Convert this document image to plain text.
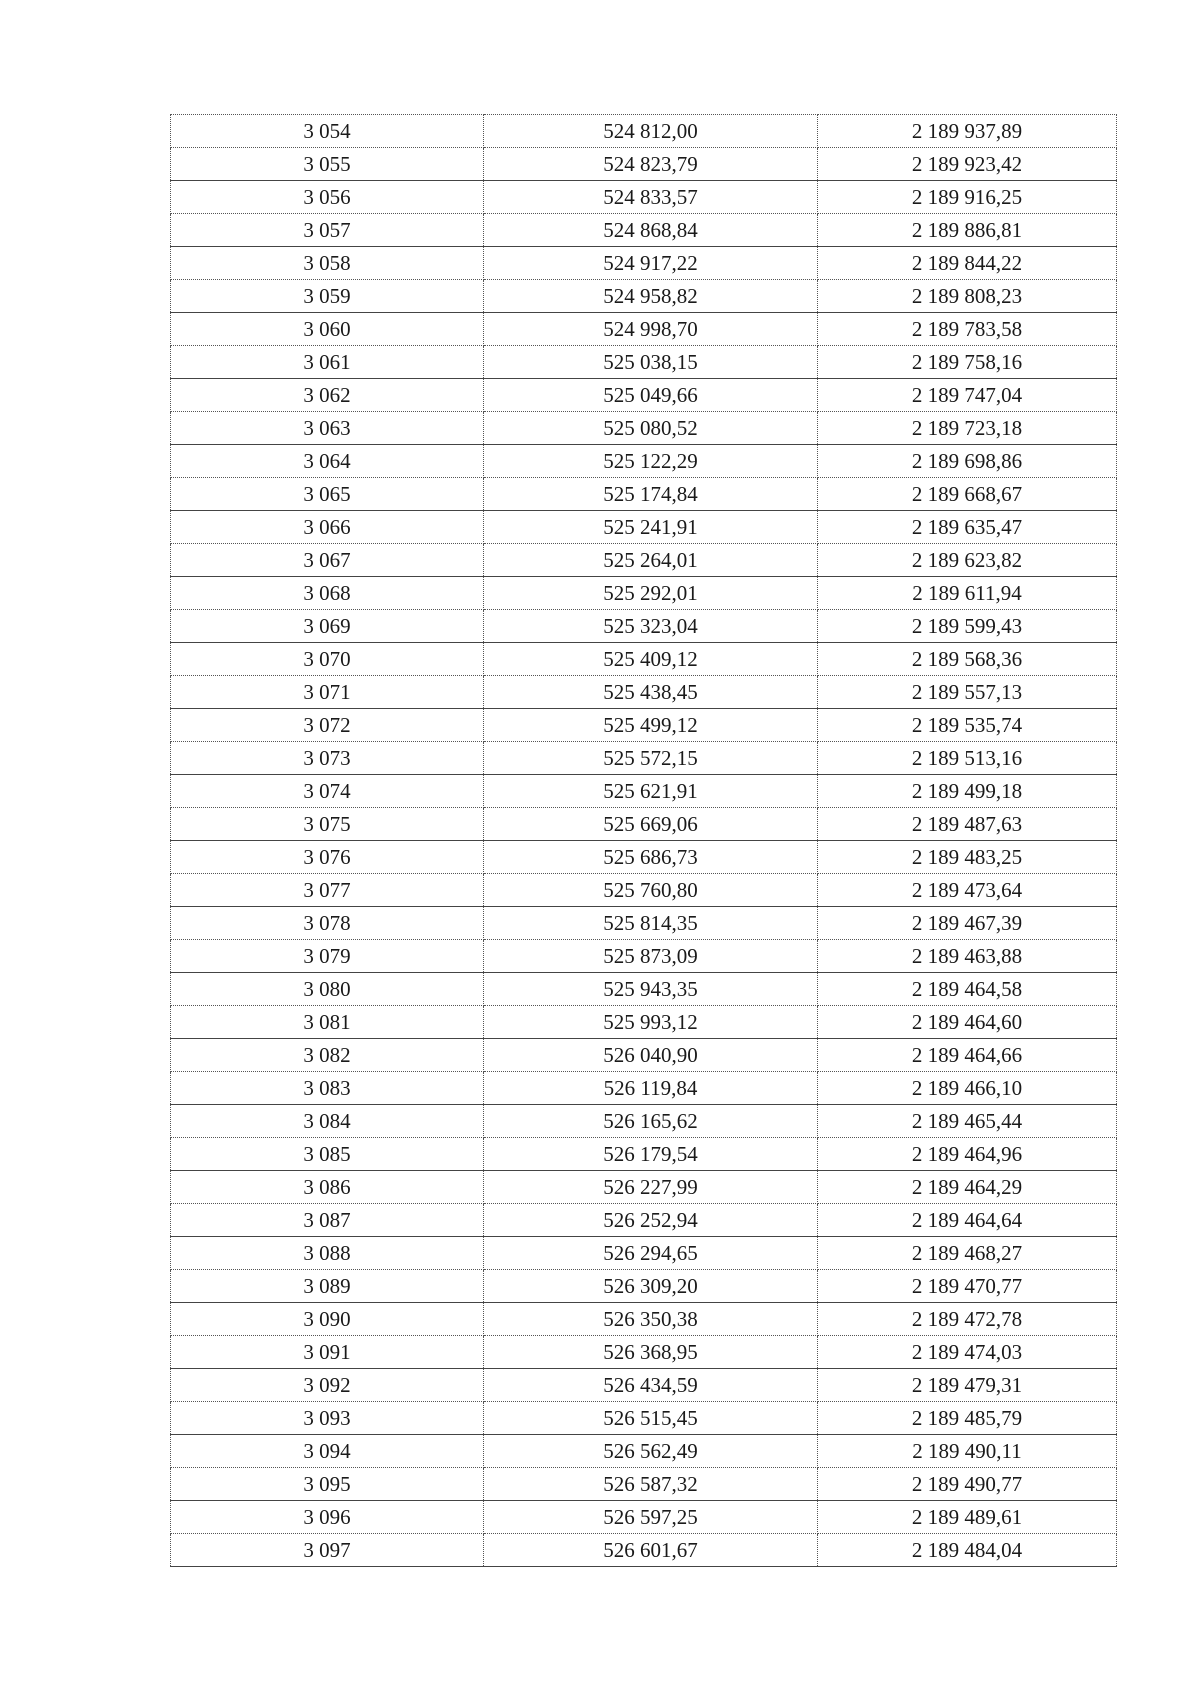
3 054	524 812,00	2 189 937,89
3 055	524 823,79	2 189 923,42
3 056	524 833,57	2 189 916,25
3 057	524 868,84	2 189 886,81
3 058	524 917,22	2 189 844,22
3 059	524 958,82	2 189 808,23
3 060	524 998,70	2 189 783,58
3 061	525 038,15	2 189 758,16
3 062	525 049,66	2 189 747,04
3 063	525 080,52	2 189 723,18
3 064	525 122,29	2 189 698,86
3 065	525 174,84	2 189 668,67
3 066	525 241,91	2 189 635,47
3 067	525 264,01	2 189 623,82
3 068	525 292,01	2 189 611,94
3 069	525 323,04	2 189 599,43
3 070	525 409,12	2 189 568,36
3 071	525 438,45	2 189 557,13
3 072	525 499,12	2 189 535,74
3 073	525 572,15	2 189 513,16
3 074	525 621,91	2 189 499,18
3 075	525 669,06	2 189 487,63
3 076	525 686,73	2 189 483,25
3 077	525 760,80	2 189 473,64
3 078	525 814,35	2 189 467,39
3 079	525 873,09	2 189 463,88
3 080	525 943,35	2 189 464,58
3 081	525 993,12	2 189 464,60
3 082	526 040,90	2 189 464,66
3 083	526 119,84	2 189 466,10
3 084	526 165,62	2 189 465,44
3 085	526 179,54	2 189 464,96
3 086	526 227,99	2 189 464,29
3 087	526 252,94	2 189 464,64
3 088	526 294,65	2 189 468,27
3 089	526 309,20	2 189 470,77
3 090	526 350,38	2 189 472,78
3 091	526 368,95	2 189 474,03
3 092	526 434,59	2 189 479,31
3 093	526 515,45	2 189 485,79
3 094	526 562,49	2 189 490,11
3 095	526 587,32	2 189 490,77
3 096	526 597,25	2 189 489,61
3 097	526 601,67	2 189 484,04
